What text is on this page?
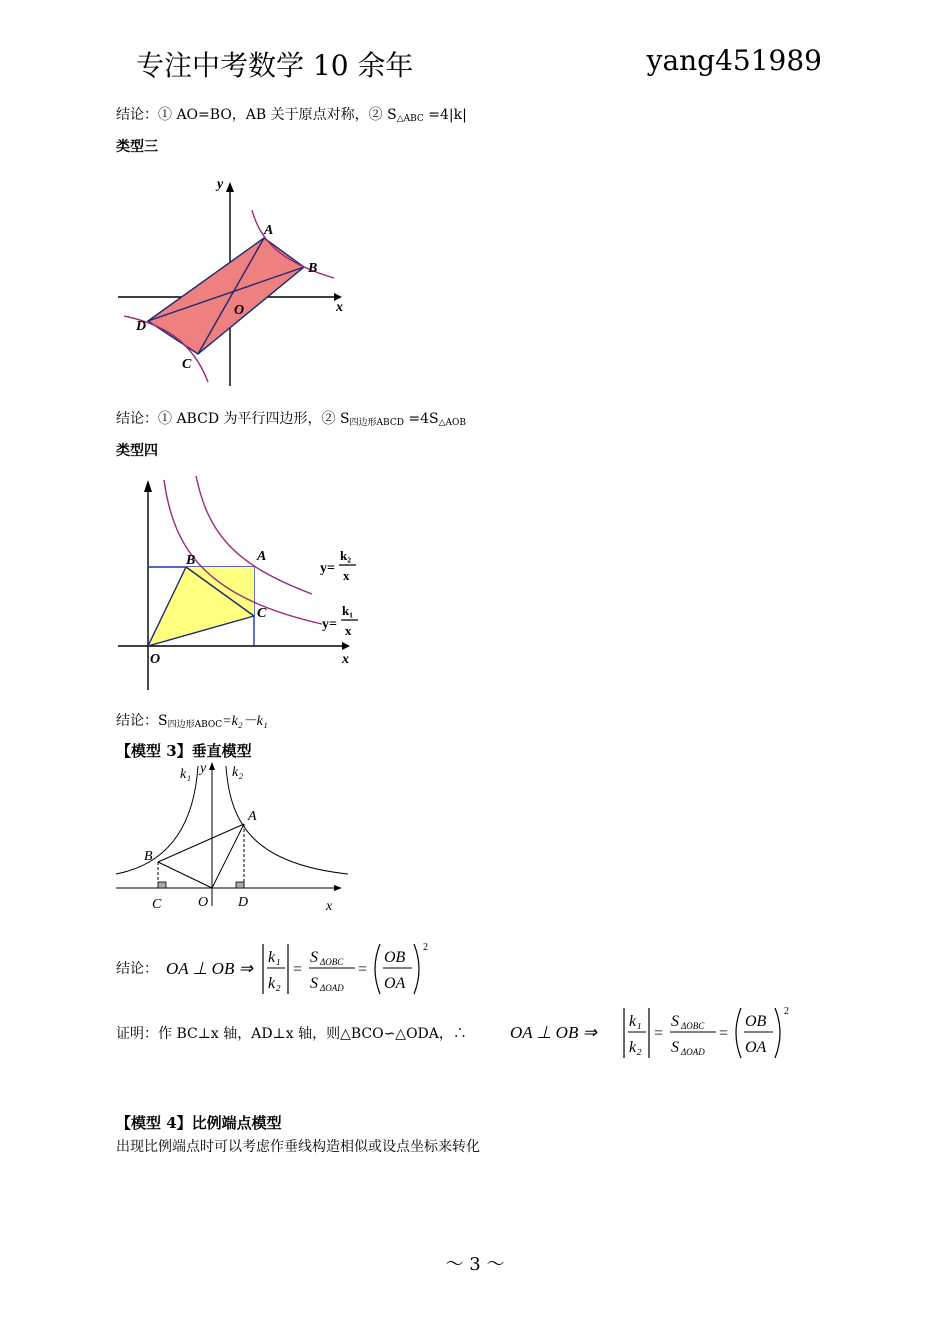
专注中考数学 10 余年	yang451989
结论：① AO=BO，AB 关于原点对称，② $S_{\triangle ABC} =4|k|$
类型三
y
x
A
B
C
D
O
结论：① ABCD 为平行四边形，② $S_{四边形ABCD} =4S_{\triangle AOB}$
类型四
B	A
C
O	x
y=
k₂
x
y=
k₁
x
结论：$S_{四边形ABOC}=k_2-k_1$
【模型 3】垂直模型
k₁	k₂
y
x
A
B
C	O D
结论： OA ⊥ OB ⇒
k₁
k₂
=
S ΔOBC
S ΔOAD
=
OB
OA
2
证明：作 BC⊥x 轴，AD⊥x 轴，则△BCO∽△ODA，∴	OA ⊥ OB ⇒
k₁
k₂
=
S ΔOBC
S ΔOAD
=
OB
OA
2
【模型 4】比例端点模型
出现比例端点时可以考虑作垂线构造相似或设点坐标来转化
～ 3 ～
